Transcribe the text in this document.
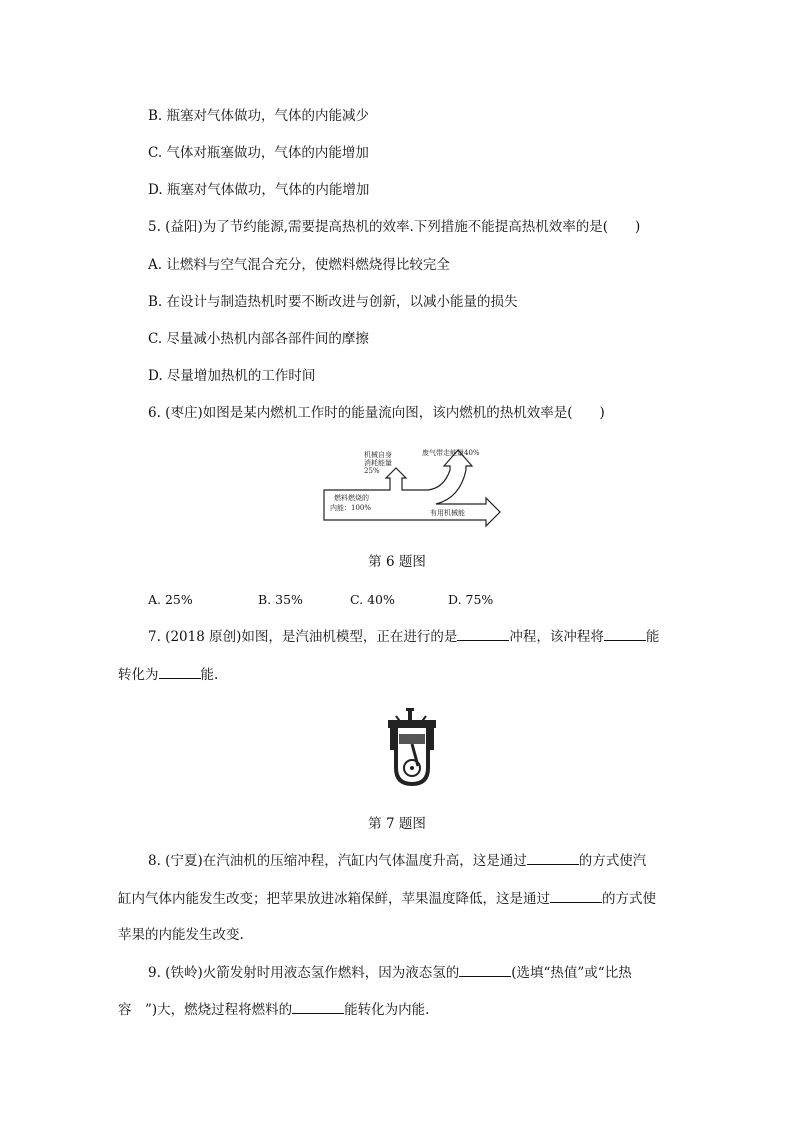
B. 瓶塞对气体做功，气体的内能减少
C. 气体对瓶塞做功，气体的内能增加
D. 瓶塞对气体做功，气体的内能增加
5. (益阳)为了节约能源,需要提高热机的效率.下列措施不能提高热机效率的是(　　)
A. 让燃料与空气混合充分，使燃料燃烧得比较完全
B. 在设计与制造热机时要不断改进与创新，以减小能量的损失
C. 尽量减小热机内部各部件间的摩擦
D. 尽量增加热机的工作时间
6. (枣庄)如图是某内燃机工作时的能量流向图，该内燃机的热机效率是(　　)
机械自身
消耗能量
25%
废气带走能量40%
燃料燃烧的
内能：100%
有用机械能
第 6 题图
A. 25%	B. 35%	C. 40%	D. 75%
7. (2018 原创)如图，是汽油机模型，正在进行的是	冲程，该冲程将	能
转化为	能.
第 7 题图
8. (宁夏)在汽油机的压缩冲程，汽缸内气体温度升高，这是通过	的方式使汽
缸内气体内能发生改变；把苹果放进冰箱保鲜，苹果温度降低，这是通过	的方式使
苹果的内能发生改变.
9. (铁岭)火箭发射时用液态氢作燃料，因为液态氢的	(选填“热值”或“比热
容　”)大，燃烧过程将燃料的	能转化为内能.
